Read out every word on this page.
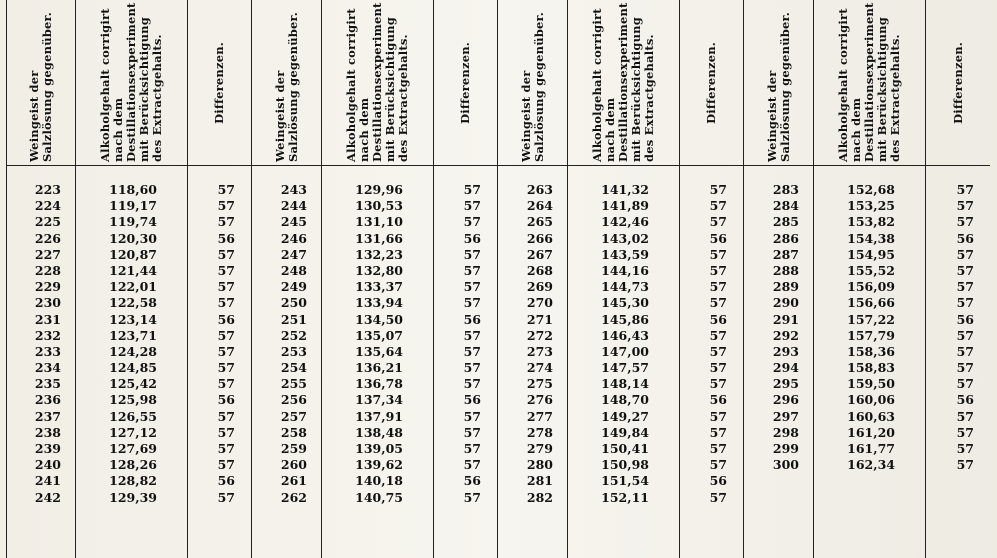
Weingeist der Salzlösung gegenüber.
223
224
225
226
227
228
229
230
231
232
233
234
235
236
237
238
239
240
241
242
Alkoholgehalt corrigirt nach dem Destillationsexperiment mit Berücksichtigung des Extractgehalts.
118,60
119,17
119,74
120,30
120,87
121,44
122,01
122,58
123,14
123,71
124,28
124,85
125,42
125,98
126,55
127,12
127,69
128,26
128,82
129,39
Differenzen.
57
57
57
56
57
57
57
57
56
57
57
57
57
56
57
57
57
57
56
57
Weingeist der Salzlösung gegenüber.
243
244
245
246
247
248
249
250
251
252
253
254
255
256
257
258
259
260
261
262
Alkoholgehalt corrigirt nach dem Destillationsexperiment mit Berücksichtigung des Extractgehalts.
129,96
130,53
131,10
131,66
132,23
132,80
133,37
133,94
134,50
135,07
135,64
136,21
136,78
137,34
137,91
138,48
139,05
139,62
140,18
140,75
Differenzen.
57
57
57
56
57
57
57
57
56
57
57
57
57
56
57
57
57
57
56
57
Weingeist der Salzlösung gegenüber.
263
264
265
266
267
268
269
270
271
272
273
274
275
276
277
278
279
280
281
282
Alkoholgehalt corrigirt nach dem Destillationsexperiment mit Berücksichtigung des Extractgehalts.
141,32
141,89
142,46
143,02
143,59
144,16
144,73
145,30
145,86
146,43
147,00
147,57
148,14
148,70
149,27
149,84
150,41
150,98
151,54
152,11
Differenzen.
57
57
57
56
57
57
57
57
56
57
57
57
57
56
57
57
57
57
56
57
Weingeist der Salzlösung gegenüber.
283
284
285
286
287
288
289
290
291
292
293
294
295
296
297
298
299
300
Alkoholgehalt corrigirt nach dem Destillationsexperiment mit Berücksichtigung des Extractgehalts.
152,68
153,25
153,82
154,38
154,95
155,52
156,09
156,66
157,22
157,79
158,36
158,83
159,50
160,06
160,63
161,20
161,77
162,34
Differenzen.
57
57
57
56
57
57
57
57
56
57
57
57
57
56
57
57
57
57
